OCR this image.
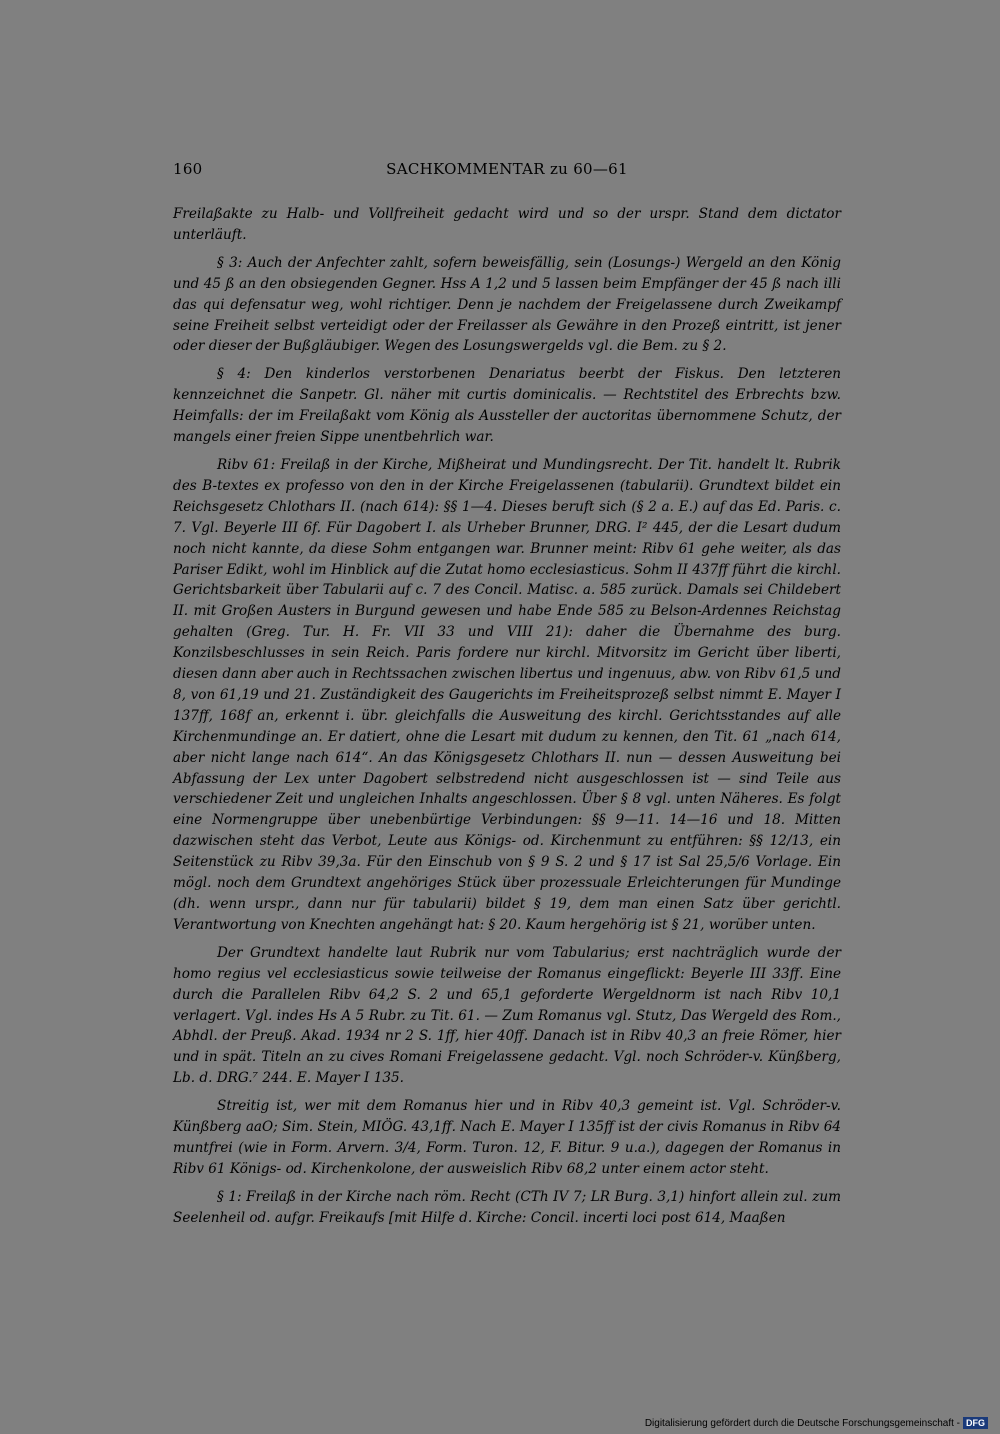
160	SACHKOMMENTAR zu 60—61

Freilaßakte zu Halb- und Vollfreiheit gedacht wird und so der urspr. Stand dem dictator unterläuft.

§ 3: Auch der Anfechter zahlt, sofern beweisfällig, sein (Losungs-) Wergeld an den König und 45 ß an den obsiegenden Gegner. Hss A 1,2 und 5 lassen beim Empfänger der 45 ß nach illi das qui defensatur weg, wohl richtiger. Denn je nachdem der Freigelassene durch Zweikampf seine Freiheit selbst verteidigt oder der Freilasser als Gewähre in den Prozeß eintritt, ist jener oder dieser der Bußgläubiger. Wegen des Losungswergelds vgl. die Bem. zu § 2.

§ 4: Den kinderlos verstorbenen Denariatus beerbt der Fiskus. Den letzteren kennzeichnet die Sanpetr. Gl. näher mit curtis dominicalis. — Rechtstitel des Erbrechts bzw. Heimfalls: der im Freilaßakt vom König als Aussteller der auctoritas übernommene Schutz, der mangels einer freien Sippe unentbehrlich war.

Ribv 61: Freilaß in der Kirche, Mißheirat und Mundingsrecht. Der Tit. handelt lt. Rubrik des B-textes ex professo von den in der Kirche Freigelassenen (tabularii). Grundtext bildet ein Reichsgesetz Chlothars II. (nach 614): §§ 1—4. Dieses beruft sich (§ 2 a. E.) auf das Ed. Paris. c. 7. Vgl. Beyerle III 6f. Für Dagobert I. als Urheber Brunner, DRG. I² 445, der die Lesart dudum noch nicht kannte, da diese Sohm entgangen war. Brunner meint: Ribv 61 gehe weiter, als das Pariser Edikt, wohl im Hinblick auf die Zutat homo ecclesiasticus. Sohm II 437ff führt die kirchl. Gerichtsbarkeit über Tabularii auf c. 7 des Concil. Matisc. a. 585 zurück. Damals sei Childebert II. mit Großen Austers in Burgund gewesen und habe Ende 585 zu Belson-Ardennes Reichstag gehalten (Greg. Tur. H. Fr. VII 33 und VIII 21): daher die Übernahme des burg. Konzilsbeschlusses in sein Reich. Paris fordere nur kirchl. Mitvorsitz im Gericht über liberti, diesen dann aber auch in Rechtssachen zwischen libertus und ingenuus, abw. von Ribv 61,5 und 8, von 61,19 und 21. Zuständigkeit des Gaugerichts im Freiheitsprozeß selbst nimmt E. Mayer I 137ff, 168f an, erkennt i. übr. gleichfalls die Ausweitung des kirchl. Gerichtsstandes auf alle Kirchenmundinge an. Er datiert, ohne die Lesart mit dudum zu kennen, den Tit. 61 „nach 614, aber nicht lange nach 614“. An das Königsgesetz Chlothars II. nun — dessen Ausweitung bei Abfassung der Lex unter Dagobert selbstredend nicht ausgeschlossen ist — sind Teile aus verschiedener Zeit und ungleichen Inhalts angeschlossen. Über § 8 vgl. unten Näheres. Es folgt eine Normengruppe über unebenbürtige Verbindungen: §§ 9—11. 14—16 und 18. Mitten dazwischen steht das Verbot, Leute aus Königs- od. Kirchenmunt zu entführen: §§ 12/13, ein Seitenstück zu Ribv 39,3a. Für den Einschub von § 9 S. 2 und § 17 ist Sal 25,5/6 Vorlage. Ein mögl. noch dem Grundtext angehöriges Stück über prozessuale Erleichterungen für Mundinge (dh. wenn urspr., dann nur für tabularii) bildet § 19, dem man einen Satz über gerichtl. Verantwortung von Knechten angehängt hat: § 20. Kaum hergehörig ist § 21, worüber unten.

Der Grundtext handelte laut Rubrik nur vom Tabularius; erst nachträglich wurde der homo regius vel ecclesiasticus sowie teilweise der Romanus eingeflickt: Beyerle III 33ff. Eine durch die Parallelen Ribv 64,2 S. 2 und 65,1 geforderte Wergeldnorm ist nach Ribv 10,1 verlagert. Vgl. indes Hs A 5 Rubr. zu Tit. 61. — Zum Romanus vgl. Stutz, Das Wergeld des Rom., Abhdl. der Preuß. Akad. 1934 nr 2 S. 1ff, hier 40ff. Danach ist in Ribv 40,3 an freie Römer, hier und in spät. Titeln an zu cives Romani Freigelassene gedacht. Vgl. noch Schröder-v. Künßberg, Lb. d. DRG.⁷ 244. E. Mayer I 135.

Streitig ist, wer mit dem Romanus hier und in Ribv 40,3 gemeint ist. Vgl. Schröder-v. Künßberg aaO; Sim. Stein, MIÖG. 43,1ff. Nach E. Mayer I 135ff ist der civis Romanus in Ribv 64 muntfrei (wie in Form. Arvern. 3/4, Form. Turon. 12, F. Bitur. 9 u.a.), dagegen der Romanus in Ribv 61 Königs- od. Kirchenkolone, der ausweislich Ribv 68,2 unter einem actor steht.

§ 1: Freilaß in der Kirche nach röm. Recht (CTh IV 7; LR Burg. 3,1) hinfort allein zul. zum Seelenheil od. aufgr. Freikaufs [mit Hilfe d. Kirche: Concil. incerti loci post 614, Maaßen

Digitalisierung gefördert durch die Deutsche Forschungsgemeinschaft - DFG
